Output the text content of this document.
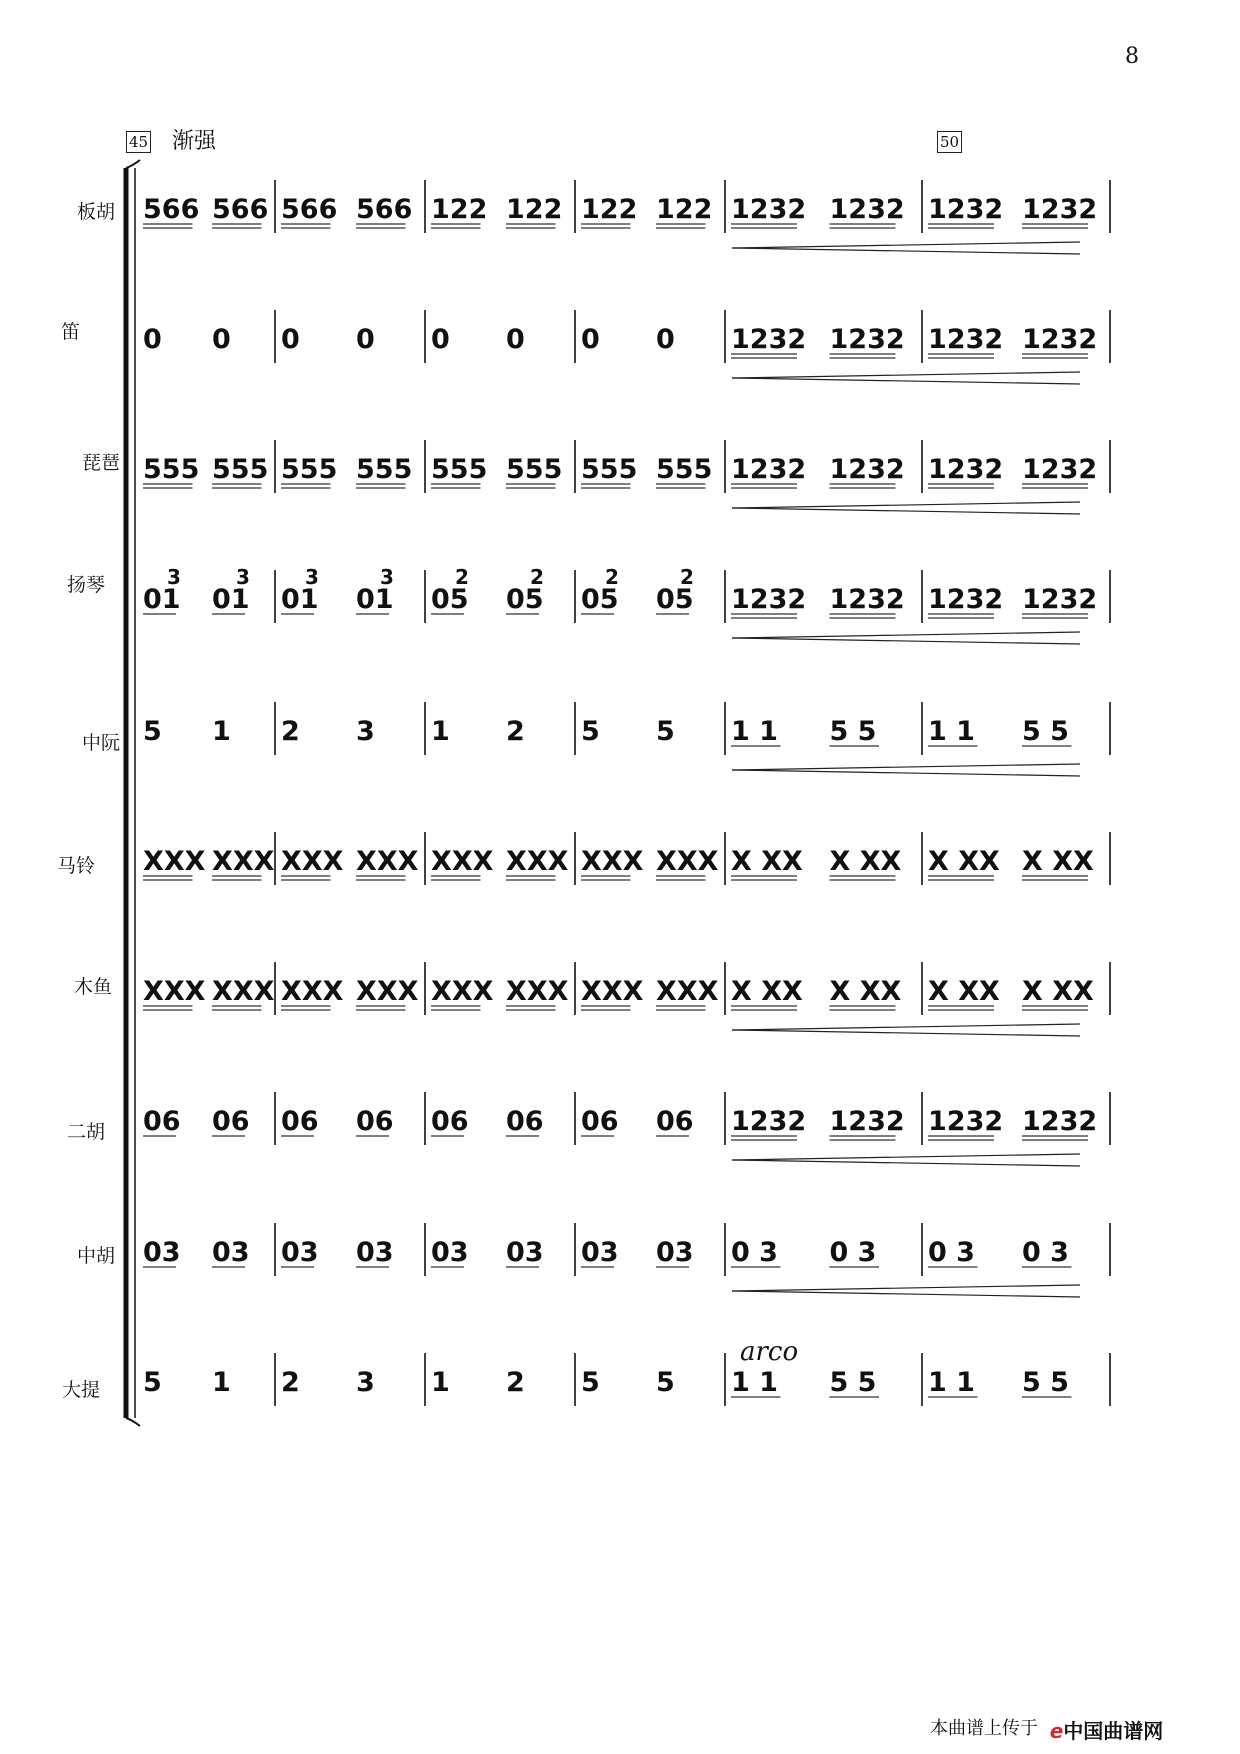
8
45 渐强	50
板胡
笛
琵琶
扬琴
中阮
马铃
木鱼
二胡
中胡
大提
arco
566 566 566 566 122 122 122 122 1232 1232 1232 1232
0 0 0 0 0 0 0 0 1232 1232 1232 1232
555 555 555 555 555 555 555 555 1232 1232 1232 1232
01
3
01
3
01
3
01
3
05
2
05
2
05
2
05
2
1232 1232 1232 1232
5 1 2 3 1 2 5 5 1 1 5 5 1 1 5 5
XXX XXX XXX XXX XXX XXX XXX XXX X XX X XX X XX X XX
XXX XXX XXX XXX XXX XXX XXX XXX X XX X XX X XX X XX
06 06 06 06 06 06 06 06 1232 1232 1232 1232
03 03 03 03 03 03 03 03 0 3 0 3 0 3 0 3
5 1 2 3 1 2 5 5 1 1 5 5 1 1 5 5
本曲谱上传于 e中国曲谱网
